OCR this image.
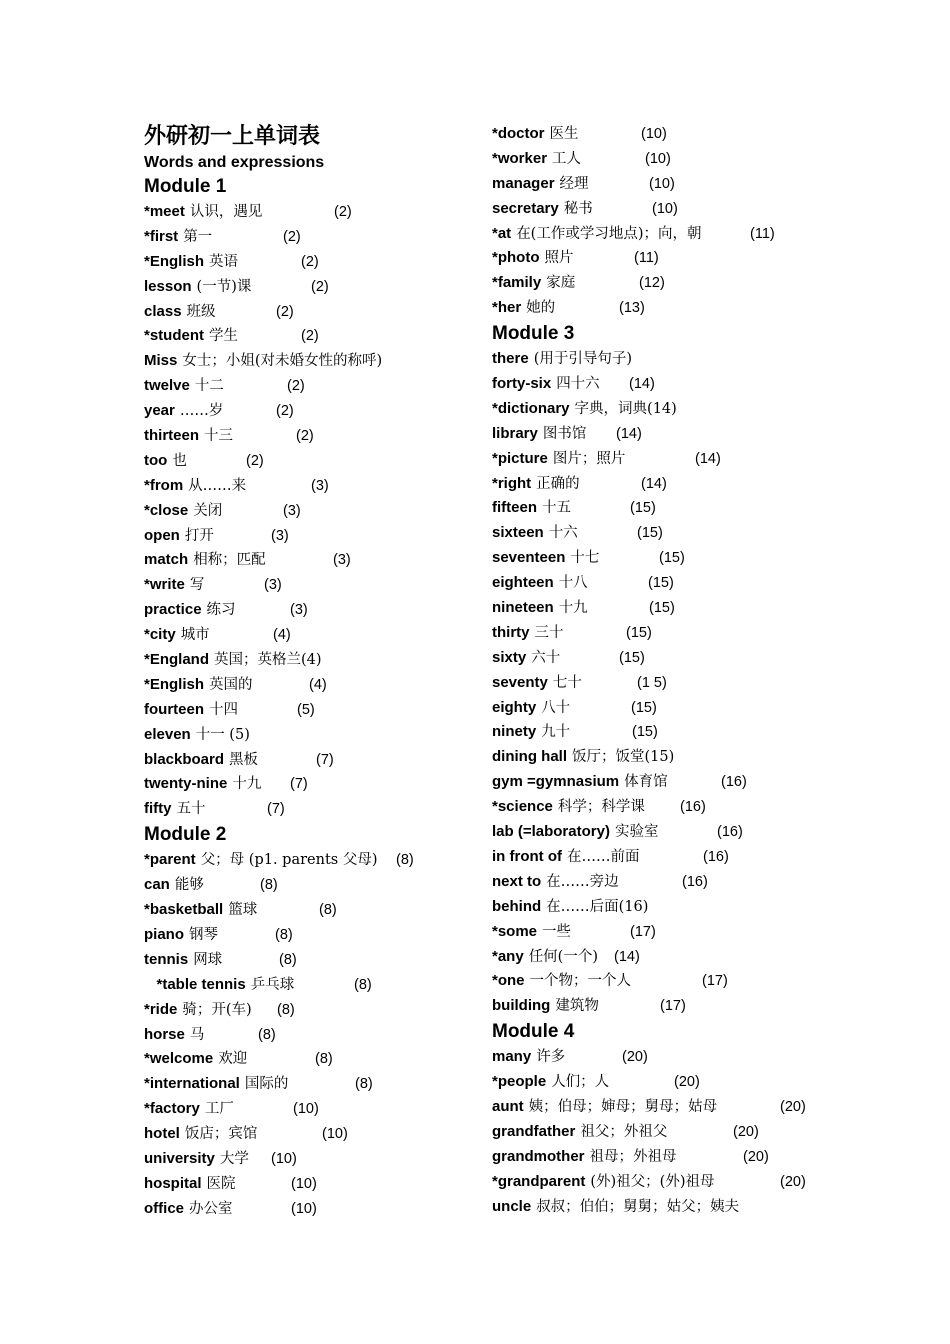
外研初一上单词表
Words and expressions
Module 1
*meet 认识，遇见	(2)
*first 第一	(2)
*English 英语	(2)
lesson (一节)课	(2)
class 班级	(2)
*student 学生	(2)
Miss 女士；小姐(对未婚女性的称呼)
twelve 十二	(2)
year ……岁	(2)
thirteen 十三	(2)
too 也	(2)
*from 从……来	(3)
*close 关闭	(3)
open 打开	(3)
match 相称；匹配	(3)
*write 写	(3)
practice 练习	(3)
*city 城市	(4)
*England 英国；英格兰(4)
*English 英国的	(4)
fourteen 十四	(5)
eleven 十一 (5)
blackboard 黑板	(7)
twenty-nine 十九 (7)
fifty 五十	(7)
Module 2
*parent 父；母 (p1. parents 父母) (8)
can 能够	(8)
*basketball 篮球	(8)
piano 钢琴	(8)
tennis 网球	(8)
*table tennis 乒乓球	(8)
*ride 骑；开(车) (8)
horse 马	(8)
*welcome 欢迎	(8)
*international 国际的	(8)
*factory 工厂	(10)
hotel 饭店；宾馆	(10)
university 大学 (10)
hospital 医院	(10)
office 办公室	(10)
*doctor 医生	(10)
*worker 工人	(10)
manager 经理	(10)
secretary 秘书	(10)
*at 在(工作或学习地点)；向，朝	(11)
*photo 照片	(11)
*family 家庭	(12)
*her 她的	(13)
Module 3
there (用于引导句子)
forty-six 四十六 (14)
*dictionary 字典，词典(14)
library 图书馆 (14)
*picture 图片；照片	(14)
*right 正确的	(14)
fifteen 十五	(15)
sixteen 十六	(15)
seventeen 十七	(15)
eighteen 十八	(15)
nineteen 十九	(15)
thirty 三十	(15)
sixty 六十	(15)
seventy 七十	(1 5)
eighty 八十	(15)
ninety 九十	(15)
dining hall 饭厅；饭堂(15)
gym =gymnasium 体育馆	(16)
*science 科学；科学课 (16)
lab (=laboratory) 实验室	(16)
in front of 在……前面	(16)
next to 在……旁边	(16)
behind 在……后面(16)
*some 一些	(17)
*any 任何(一个) (14)
*one 一个物；一个人	(17)
building 建筑物	(17)
Module 4
many 许多	(20)
*people 人们；人	(20)
aunt 姨；伯母；婶母；舅母；姑母	(20)
grandfather 祖父；外祖父	(20)
grandmother 祖母；外祖母	(20)
*grandparent (外)祖父；(外)祖母	(20)
uncle 叔叔；伯伯；舅舅；姑父；姨夫
